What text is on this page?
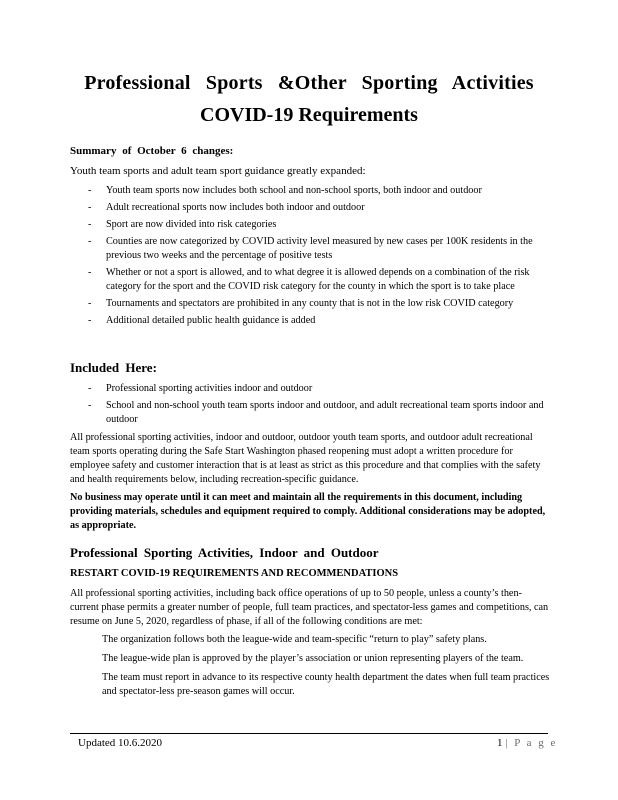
Professional Sports &Other Sporting Activities
COVID-19 Requirements
Summary of October 6 changes:
Youth team sports and adult team sport guidance greatly expanded:
- Youth team sports now includes both school and non-school sports, both indoor and outdoor
- Adult recreational sports now includes both indoor and outdoor
- Sport are now divided into risk categories
- Counties are now categorized by COVID activity level measured by new cases per 100K residents in the previous two weeks and the percentage of positive tests
- Whether or not a sport is allowed, and to what degree it is allowed depends on a combination of the risk category for the sport and the COVID risk category for the county in which the sport is to take place
- Tournaments and spectators are prohibited in any county that is not in the low risk COVID category
- Additional detailed public health guidance is added
Included Here:
- Professional sporting activities indoor and outdoor
- School and non-school youth team sports indoor and outdoor, and adult recreational team sports indoor and outdoor

All professional sporting activities, indoor and outdoor, outdoor youth team sports, and outdoor adult recreational team sports operating during the Safe Start Washington phased reopening must adopt a written procedure for employee safety and customer interaction that is at least as strict as this procedure and that complies with the safety and health requirements below, including recreation-specific guidance.

No business may operate until it can meet and maintain all the requirements in this document, including providing materials, schedules and equipment required to comply. Additional considerations may be adopted, as appropriate.

Professional Sporting Activities, Indoor and Outdoor
RESTART COVID-19 REQUIREMENTS AND RECOMMENDATIONS

All professional sporting activities, including back office operations of up to 50 people, unless a county’s then-current phase permits a greater number of people, full team practices, and spectator-less games and competitions, can resume on June 5, 2020, regardless of phase, if all of the following conditions are met:

The organization follows both the league-wide and team-specific “return to play” safety plans.
The league-wide plan is approved by the player’s association or union representing players of the team.
The team must report in advance to its respective county health department the dates when full team practices and spectator-less pre-season games will occur.
Updated 10.6.2020	1 | P a g e
